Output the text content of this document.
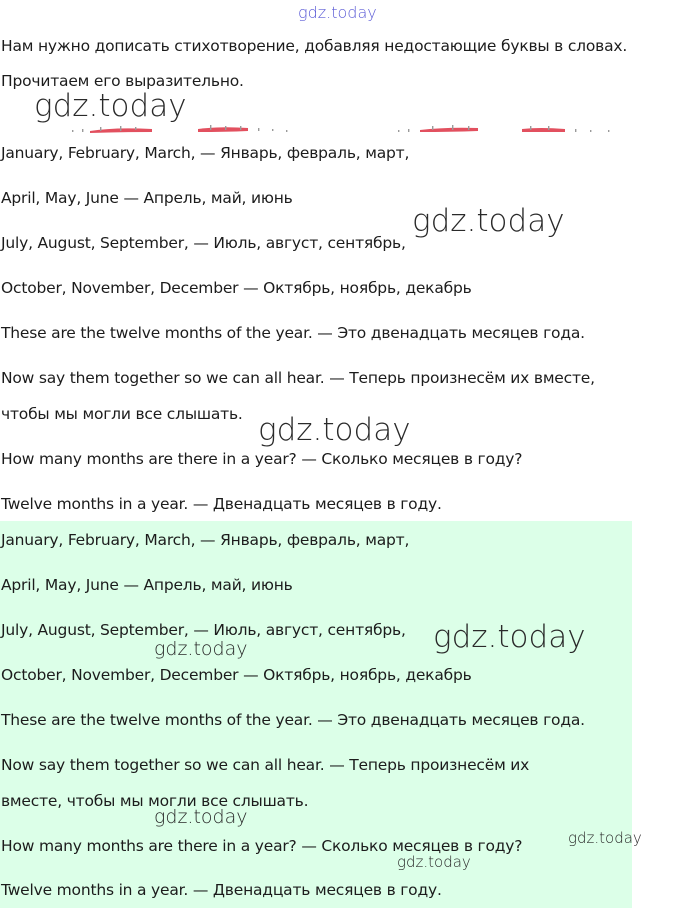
gdz.today
Нам нужно дописать стихотворение, добавляя недостающие буквы в словах.
Прочитаем его выразительно.
January, February, March, — Январь, февраль, март,
April, May, June — Апрель, май, июнь
July, August, September, — Июль, август, сентябрь,
October, November, December — Октябрь, ноябрь, декабрь
These are the twelve months of the year. — Это двенадцать месяцев года.
Now say them together so we can all hear. — Теперь произнесём их вместе,
чтобы мы могли все слышать.
How many months are there in a year? — Сколько месяцев в году?
Twelve months in a year. — Двенадцать месяцев в году.
January, February, March, — Январь, февраль, март,
April, May, June — Апрель, май, июнь
July, August, September, — Июль, август, сентябрь,
October, November, December — Октябрь, ноябрь, декабрь
These are the twelve months of the year. — Это двенадцать месяцев года.
Now say them together so we can all hear. — Теперь произнесём их
вместе, чтобы мы могли все слышать.
How many months are there in a year? — Сколько месяцев в году?
Twelve months in a year. — Двенадцать месяцев в году.
gdz.today
gdz.today
gdz.today
gdz.today
gdz.today
gdz.today
gdz.today
gdz.today
